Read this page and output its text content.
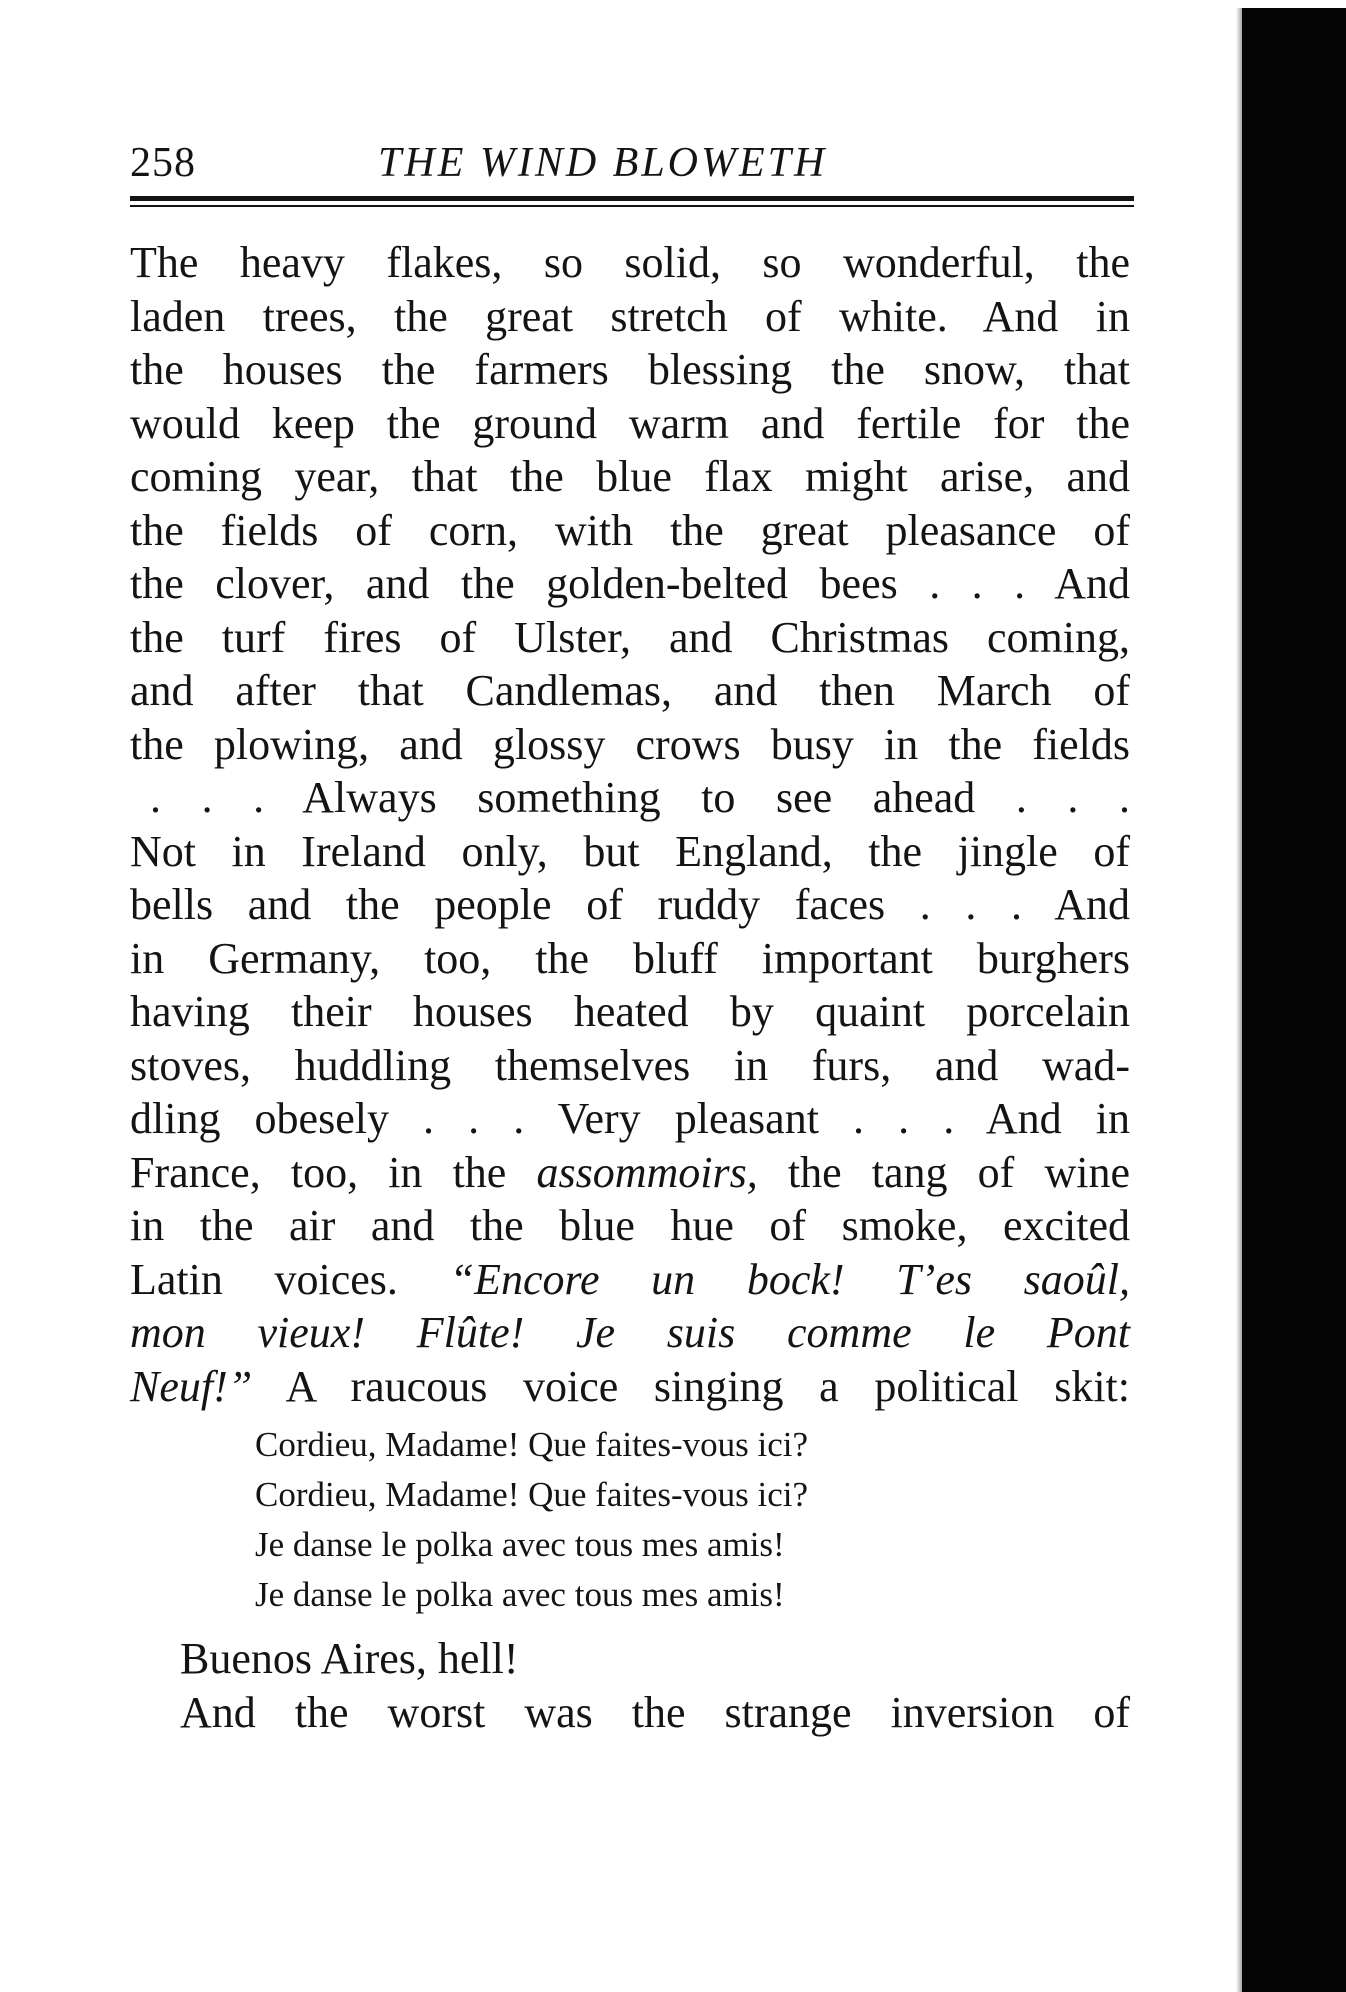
258	THE WIND BLOWETH
The heavy flakes, so solid, so wonderful, the
laden trees, the great stretch of white. And in
the houses the farmers blessing the snow, that
would keep the ground warm and fertile for the
coming year, that the blue flax might arise, and
the fields of corn, with the great pleasance of
the clover, and the golden-belted bees . . . And
the turf fires of Ulster, and Christmas coming,
and after that Candlemas, and then March of
the plowing, and glossy crows busy in the fields
. . . Always something to see ahead . . .
Not in Ireland only, but England, the jingle of
bells and the people of ruddy faces . . . And
in Germany, too, the bluff important burghers
having their houses heated by quaint porcelain
stoves, huddling themselves in furs, and wad-
dling obesely . . . Very pleasant . . . And in
France, too, in the assommoirs, the tang of wine
in the air and the blue hue of smoke, excited
Latin voices. “Encore un bock! T’es saoûl,
mon vieux! Flûte! Je suis comme le Pont
Neuf!” A raucous voice singing a political skit:
Cordieu, Madame! Que faites-vous ici?
Cordieu, Madame! Que faites-vous ici?
Je danse le polka avec tous mes amis!
Je danse le polka avec tous mes amis!
Buenos Aires, hell!
And the worst was the strange inversion of
